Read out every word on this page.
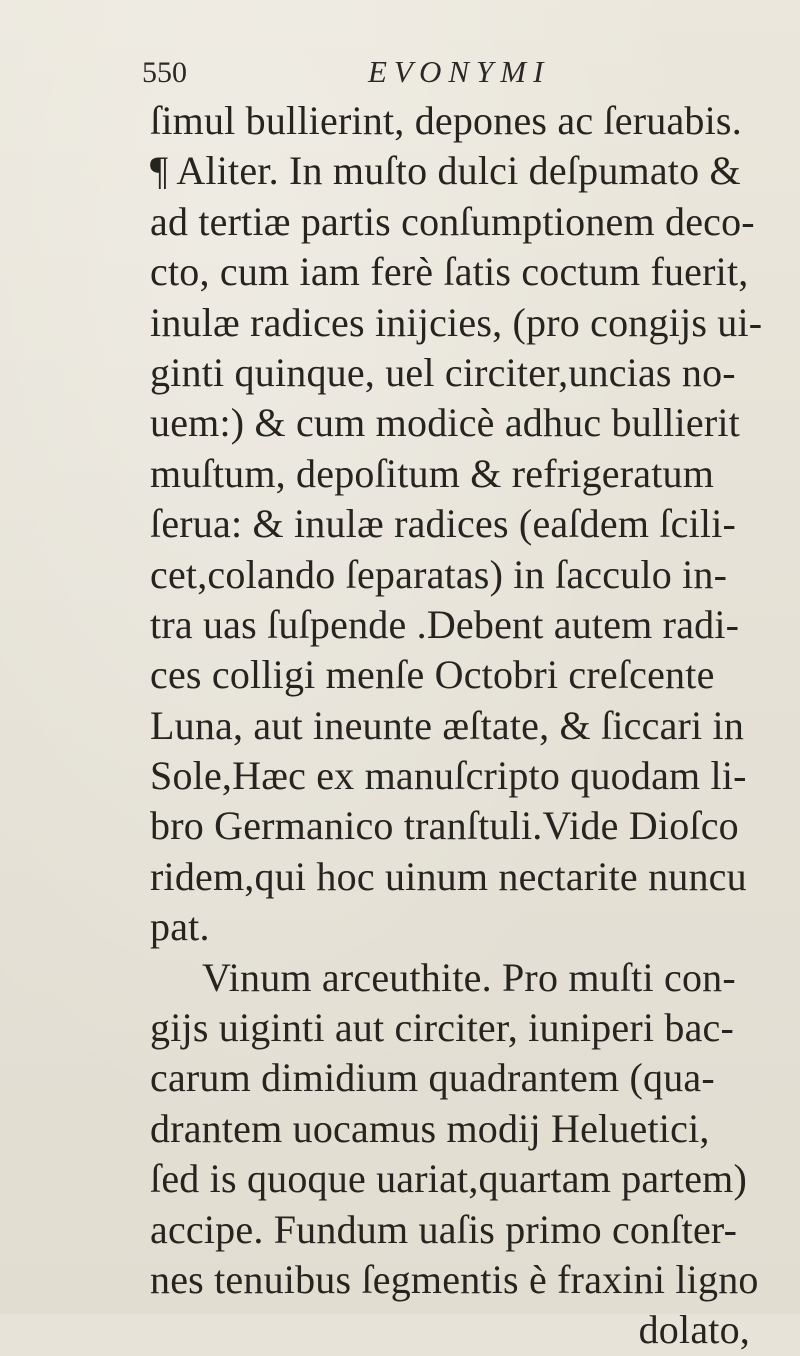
550	EVONYMI
ſimul bullierint, depones ac ſeruabis.
¶ Aliter. In muſto dulci deſpumato &
ad tertiæ partis conſumptionem deco-
cto, cum iam ferè ſatis coctum fuerit,
inulæ radices inijcies, (pro congijs ui-
ginti quinque, uel circiter,uncias no-
uem:) & cum modicè adhuc bullierit
muſtum, depoſitum & refrigeratum
ſerua: & inulæ radices (eaſdem ſcili-
cet,colando ſeparatas) in ſacculo in-
tra uas ſuſpende .Debent autem radi-
ces colligi menſe Octobri creſcente
Luna, aut ineunte æſtate, & ſiccari in
Sole,Hæc ex manuſcripto quodam li-
bro Germanico tranſtuli.Vide Dioſco
ridem,qui hoc uinum nectarite nuncu
pat.
Vinum arceuthite. Pro muſti con-
gijs uiginti aut circiter, iuniperi bac-
carum dimidium quadrantem (qua-
drantem uocamus modij Heluetici,
ſed is quoque uariat,quartam partem)
accipe. Fundum uaſis primo conſter-
nes tenuibus ſegmentis è fraxini ligno
dolato,
